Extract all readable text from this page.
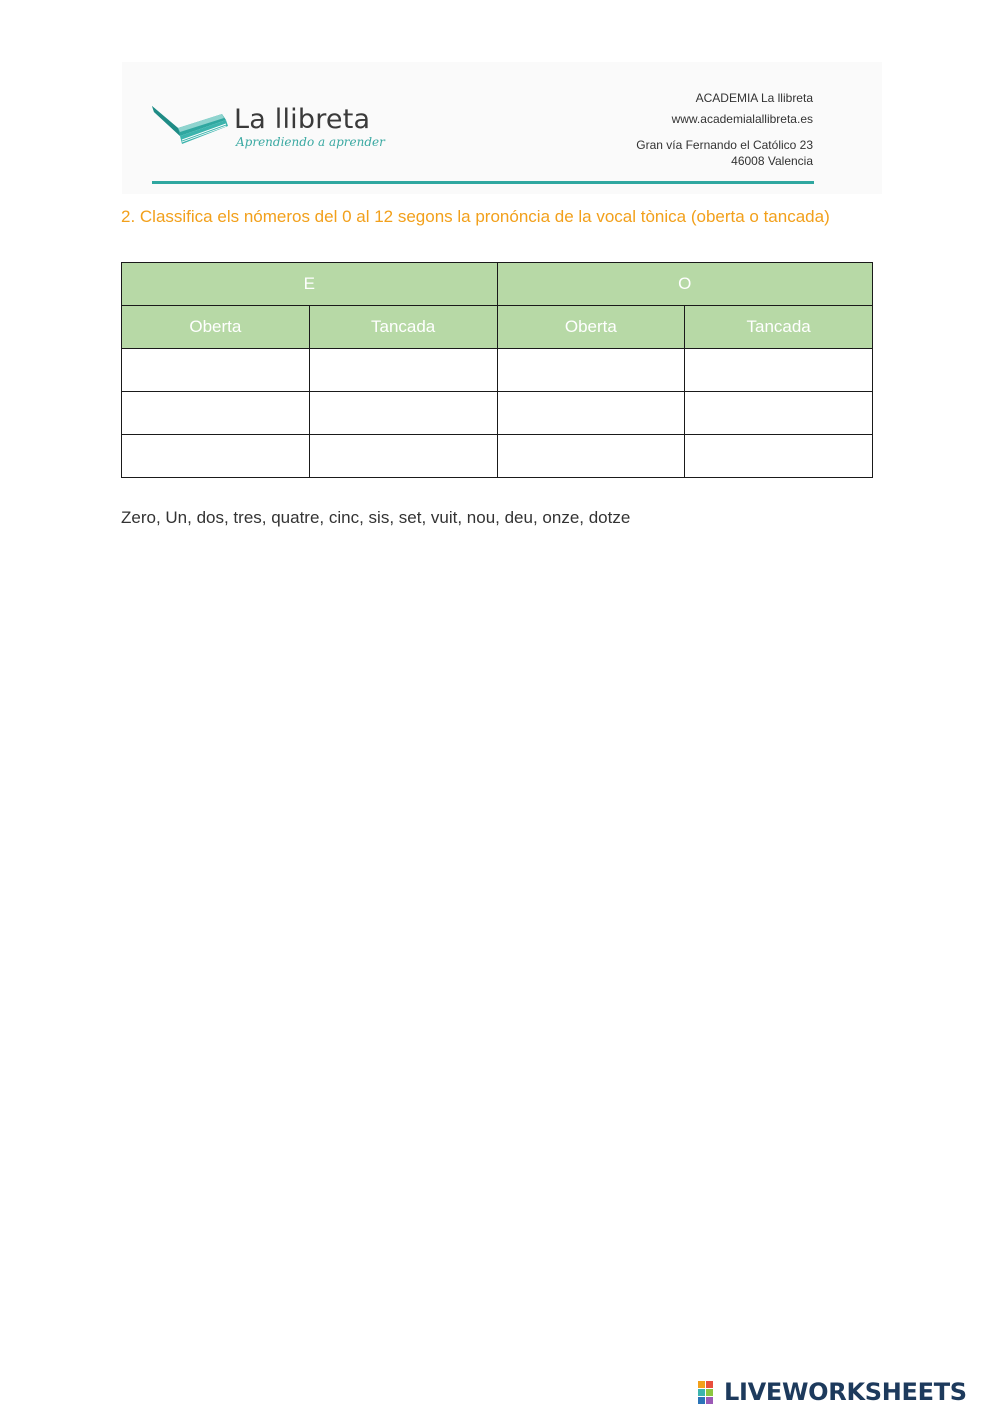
La llibreta
Aprendiendo a aprender
ACADEMIA La llibreta
www.academialallibreta.es
Gran vía Fernando el Católico 23
46008 Valencia
2. Classifica els nómeros del 0 al 12 segons la pronóncia de la vocal tònica (oberta o tancada)
E		O	
Oberta	Tancada	Oberta	Tancada

Zero, Un, dos, tres, quatre, cinc, sis, set, vuit, nou, deu, onze, dotze
LIVEWORKSHEETS
